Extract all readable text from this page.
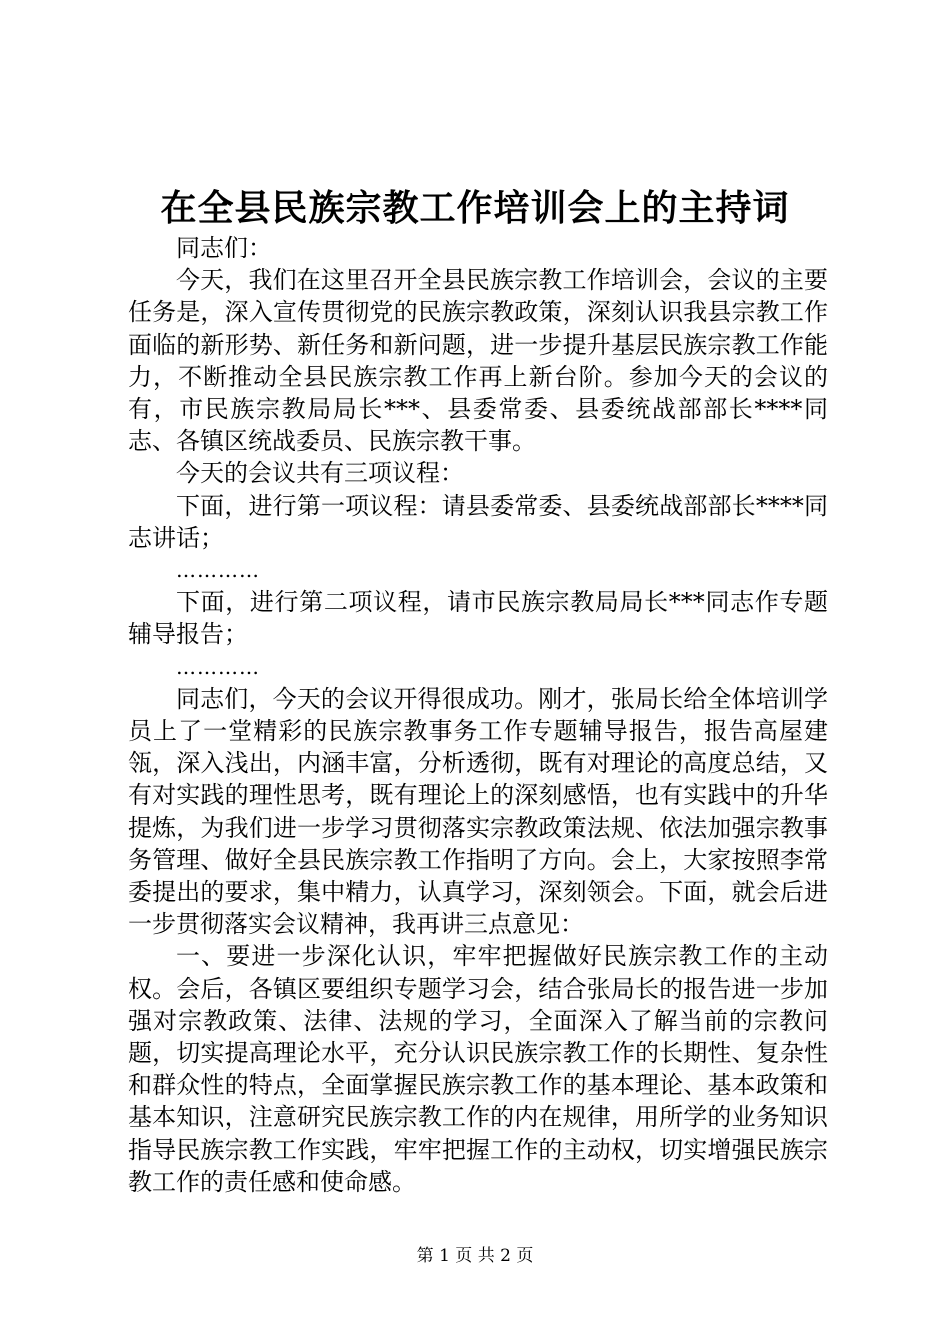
在全县民族宗教工作培训会上的主持词

同志们：

今天，我们在这里召开全县民族宗教工作培训会，会议的主要任务是，深入宣传贯彻党的民族宗教政策，深刻认识我县宗教工作面临的新形势、新任务和新问题，进一步提升基层民族宗教工作能力，不断推动全县民族宗教工作再上新台阶。参加今天的会议的有，市民族宗教局局长***、县委常委、县委统战部部长****同志、各镇区统战委员、民族宗教干事。

今天的会议共有三项议程：

下面，进行第一项议程：请县委常委、县委统战部部长****同志讲话；

…………

下面，进行第二项议程，请市民族宗教局局长***同志作专题辅导报告；

…………

同志们，今天的会议开得很成功。刚才，张局长给全体培训学员上了一堂精彩的民族宗教事务工作专题辅导报告，报告高屋建瓴，深入浅出，内涵丰富，分析透彻，既有对理论的高度总结，又有对实践的理性思考，既有理论上的深刻感悟，也有实践中的升华提炼，为我们进一步学习贯彻落实宗教政策法规、依法加强宗教事务管理、做好全县民族宗教工作指明了方向。会上，大家按照李常委提出的要求，集中精力，认真学习，深刻领会。下面，就会后进一步贯彻落实会议精神，我再讲三点意见：

一、要进一步深化认识，牢牢把握做好民族宗教工作的主动权。会后，各镇区要组织专题学习会，结合张局长的报告进一步加强对宗教政策、法律、法规的学习，全面深入了解当前的宗教问题，切实提高理论水平，充分认识民族宗教工作的长期性、复杂性和群众性的特点，全面掌握民族宗教工作的基本理论、基本政策和基本知识，注意研究民族宗教工作的内在规律，用所学的业务知识指导民族宗教工作实践，牢牢把握工作的主动权，切实增强民族宗教工作的责任感和使命感。

第 1 页 共 2 页
